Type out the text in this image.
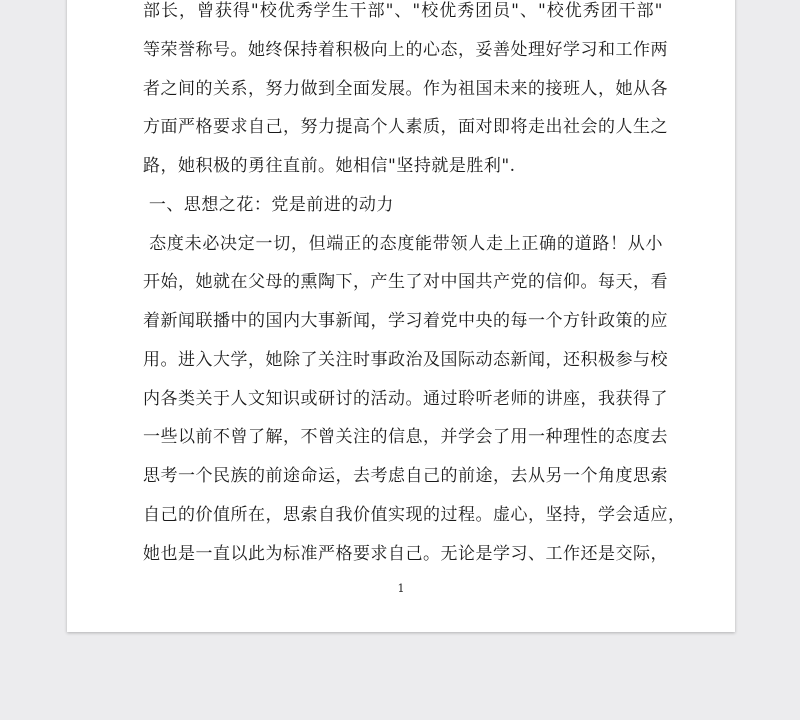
部长，曾获得"校优秀学生干部"、"校优秀团员"、"校优秀团干部"
等荣誉称号。她终保持着积极向上的心态，妥善处理好学习和工作两
者之间的关系，努力做到全面发展。作为祖国未来的接班人，她从各
方面严格要求自己，努力提高个人素质，面对即将走出社会的人生之
路，她积极的勇往直前。她相信"坚持就是胜利".
一、思想之花：党是前进的动力
态度未必决定一切，但端正的态度能带领人走上正确的道路！从小
开始，她就在父母的熏陶下，产生了对中国共产党的信仰。每天，看
着新闻联播中的国内大事新闻，学习着党中央的每一个方针政策的应
用。进入大学，她除了关注时事政治及国际动态新闻，还积极参与校
内各类关于人文知识或研讨的活动。通过聆听老师的讲座，我获得了
一些以前不曾了解，不曾关注的信息，并学会了用一种理性的态度去
思考一个民族的前途命运，去考虑自己的前途，去从另一个角度思索
自己的价值所在，思索自我价值实现的过程。虚心，坚持，学会适应，
她也是一直以此为标准严格要求自己。无论是学习、工作还是交际，
1
